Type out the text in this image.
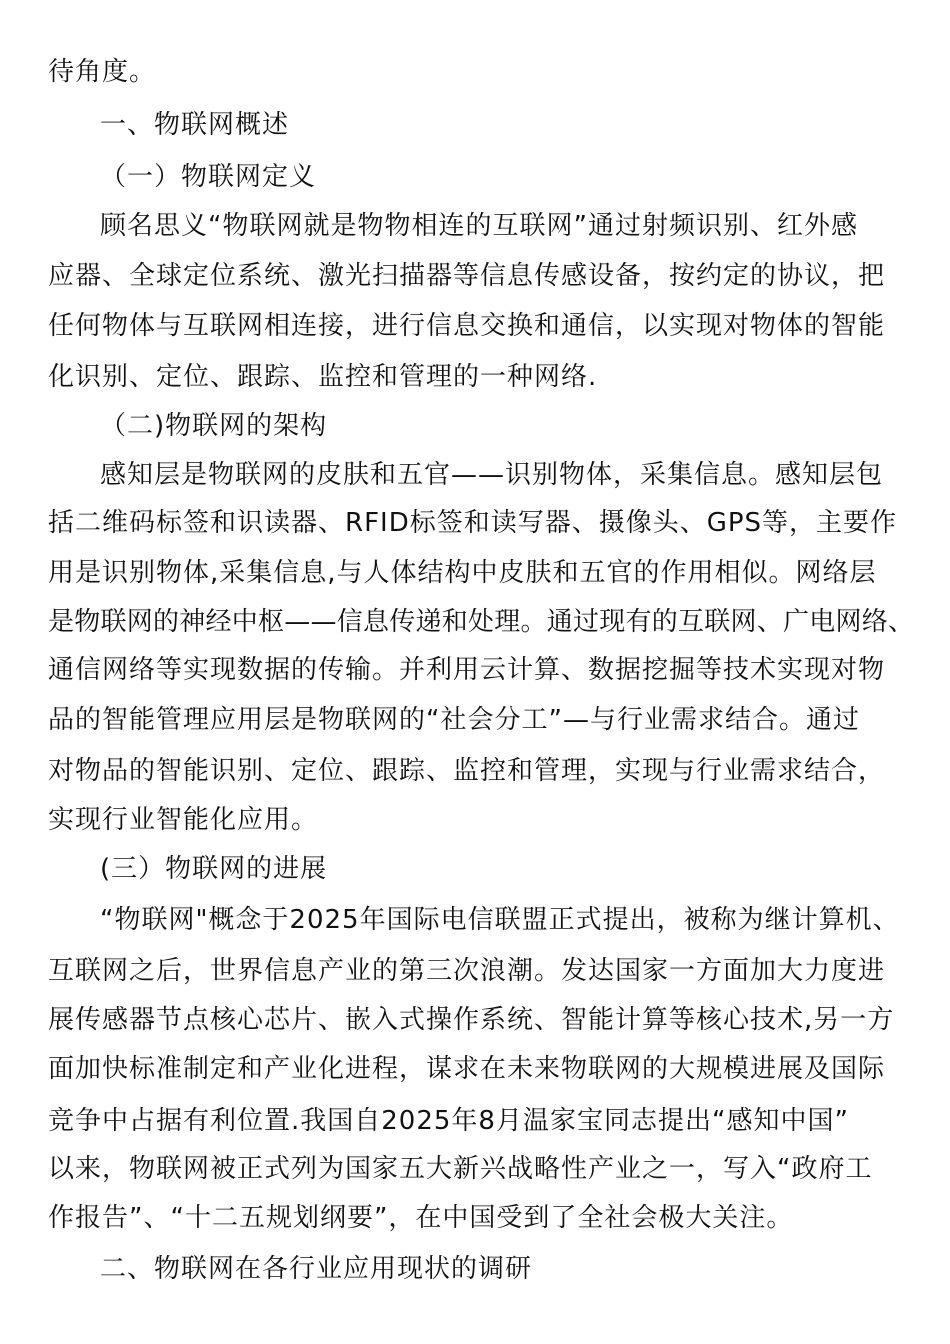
待角度。
一、物联网概述
（一）物联网定义
顾名思义“物联网就是物物相连的互联网”通过射频识别、红外感
应器、全球定位系统、激光扫描器等信息传感设备，按约定的协议，把
任何物体与互联网相连接，进行信息交换和通信，以实现对物体的智能
化识别、定位、跟踪、监控和管理的一种网络.
（二)物联网的架构
感知层是物联网的皮肤和五官——识别物体，采集信息。感知层包
括二维码标签和识读器、RFID标签和读写器、摄像头、GPS等，主要作
用是识别物体,采集信息,与人体结构中皮肤和五官的作用相似。网络层
是物联网的神经中枢——信息传递和处理。通过现有的互联网、广电网络、
通信网络等实现数据的传输。并利用云计算、数据挖掘等技术实现对物
品的智能管理应用层是物联网的“社会分工”—与行业需求结合。通过
对物品的智能识别、定位、跟踪、监控和管理，实现与行业需求结合，
实现行业智能化应用。
(三）物联网的进展
“物联网"概念于2025年国际电信联盟正式提出，被称为继计算机、
互联网之后，世界信息产业的第三次浪潮。发达国家一方面加大力度进
展传感器节点核心芯片、嵌入式操作系统、智能计算等核心技术,另一方
面加快标准制定和产业化进程，谋求在未来物联网的大规模进展及国际
竞争中占据有利位置.我国自2025年8月温家宝同志提出“感知中国”
以来，物联网被正式列为国家五大新兴战略性产业之一，写入“政府工
作报告”、“十二五规划纲要”，在中国受到了全社会极大关注。
二、物联网在各行业应用现状的调研
